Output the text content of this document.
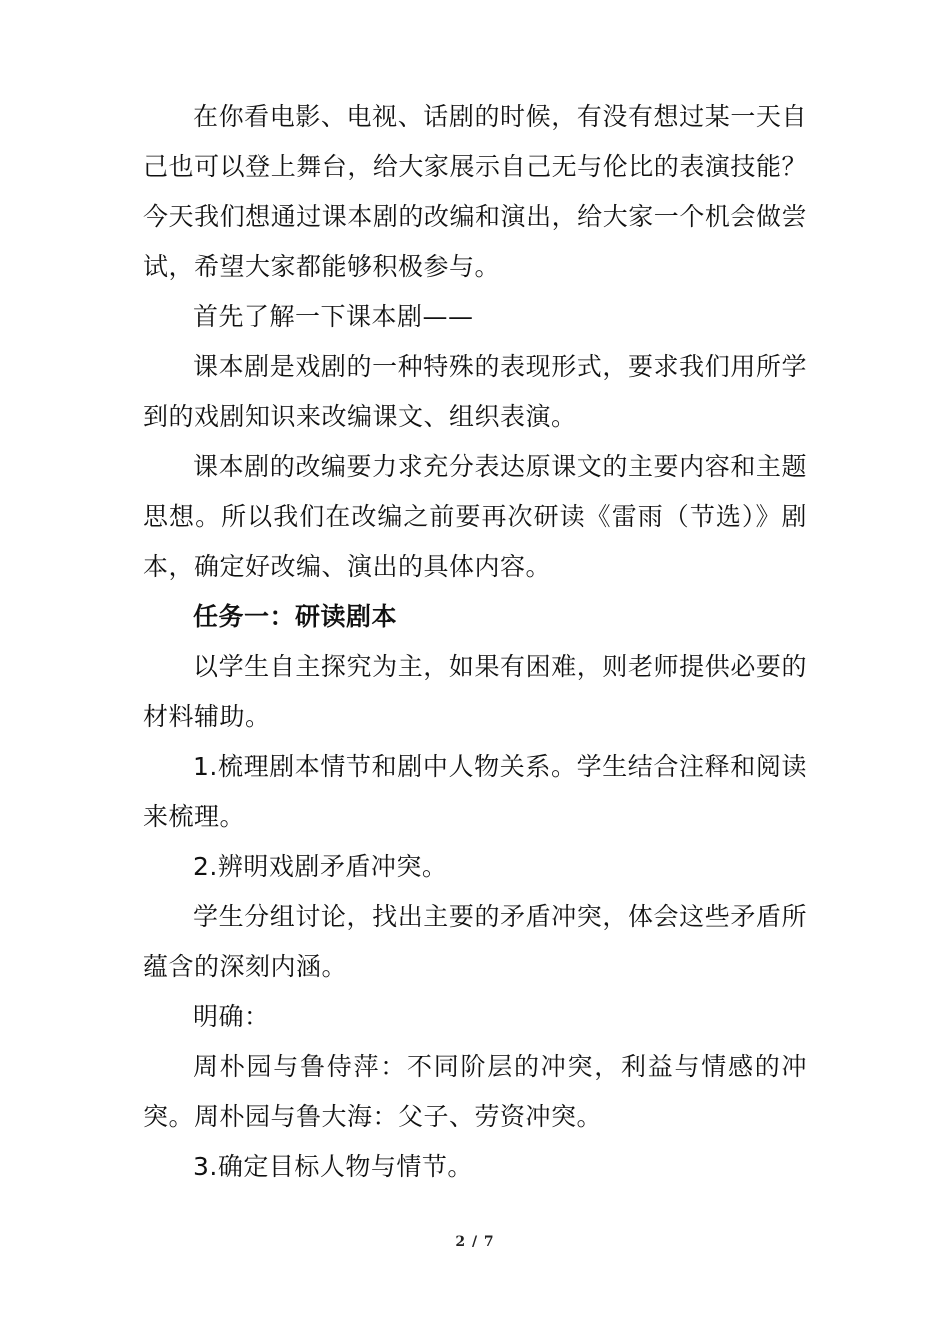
在你看电影、电视、话剧的时候，有没有想过某一天自己也可以登上舞台，给大家展示自己无与伦比的表演技能？今天我们想通过课本剧的改编和演出，给大家一个机会做尝试，希望大家都能够积极参与。

首先了解一下课本剧——

课本剧是戏剧的一种特殊的表现形式，要求我们用所学到的戏剧知识来改编课文、组织表演。

课本剧的改编要力求充分表达原课文的主要内容和主题思想。所以我们在改编之前要再次研读《雷雨（节选）》剧本，确定好改编、演出的具体内容。

任务一：研读剧本

以学生自主探究为主，如果有困难，则老师提供必要的材料辅助。

1.梳理剧本情节和剧中人物关系。学生结合注释和阅读来梳理。

2.辨明戏剧矛盾冲突。

学生分组讨论，找出主要的矛盾冲突，体会这些矛盾所蕴含的深刻内涵。

明确：

周朴园与鲁侍萍：不同阶层的冲突，利益与情感的冲突。周朴园与鲁大海：父子、劳资冲突。

3.确定目标人物与情节。

2 / 7
